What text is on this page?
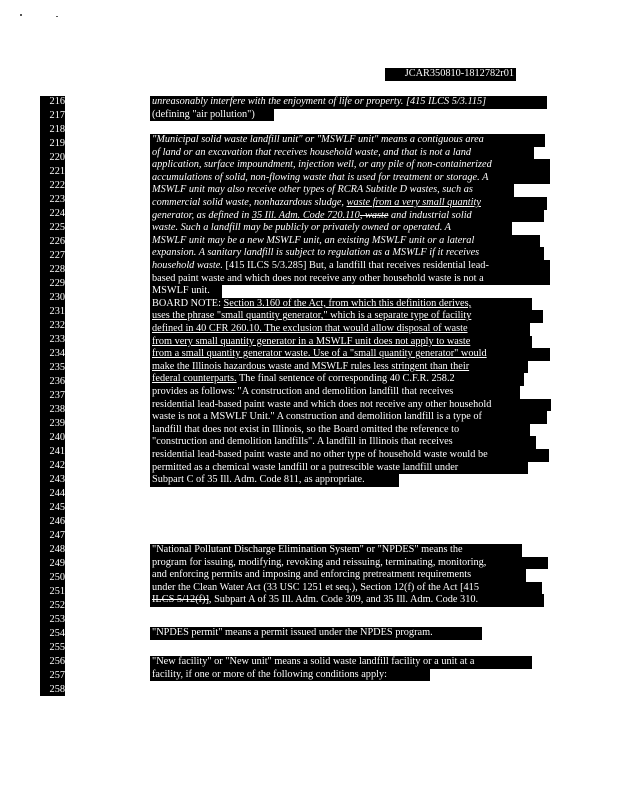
JCAR350810-1812782r01
216
217
218
219
220
221
222
223
224
225
226
227
228
229
230
231
232
233
234
235
236
237
238
239
240
241
242
243
244
245
246
247
248
249
250
251
252
253
254
255
256
257
258
unreasonably interfere with the enjoyment of life or property. [415 ILCS 5/3.115]
(defining "air pollution")
"Municipal solid waste landfill unit" or "MSWLF unit" means a contiguous area
of land or an excavation that receives household waste, and that is not a land
application, surface impoundment, injection well, or any pile of non-containerized
accumulations of solid, non-flowing waste that is used for treatment or storage. A
MSWLF unit may also receive other types of RCRA Subtitle D wastes, such as
commercial solid waste, nonhazardous sludge, waste from a very small quantity
generator, as defined in 35 Ill. Adm. Code 720.110, waste and industrial solid
waste. Such a landfill may be publicly or privately owned or operated. A
MSWLF unit may be a new MSWLF unit, an existing MSWLF unit or a lateral
expansion. A sanitary landfill is subject to regulation as a MSWLF if it receives
household waste. [415 ILCS 5/3.285] But, a landfill that receives residential lead-
based paint waste and which does not receive any other household waste is not a
MSWLF unit.
BOARD NOTE: Section 3.160 of the Act, from which this definition derives,
uses the phrase "small quantity generator," which is a separate type of facility
defined in 40 CFR 260.10. The exclusion that would allow disposal of waste
from very small quantity generator in a MSWLF unit does not apply to waste
from a small quantity generator waste. Use of a "small quantity generator" would
make the Illinois hazardous waste and MSWLF rules less stringent than their
federal counterparts. The final sentence of corresponding 40 C.F.R. 258.2
provides as follows: "A construction and demolition landfill that receives
residential lead-based paint waste and which does not receive any other household
waste is not a MSWLF Unit." A construction and demolition landfill is a type of
landfill that does not exist in Illinois, so the Board omitted the reference to
"construction and demolition landfills". A landfill in Illinois that receives
residential lead-based paint waste and no other type of household waste would be
permitted as a chemical waste landfill or a putrescible waste landfill under
Subpart C of 35 Ill. Adm. Code 811, as appropriate.
"National Pollutant Discharge Elimination System" or "NPDES" means the
program for issuing, modifying, revoking and reissuing, terminating, monitoring,
and enforcing permits and imposing and enforcing pretreatment requirements
under the Clean Water Act (33 USC 1251 et seq.), Section 12(f) of the Act [415
ILCS 5/12(f)], Subpart A of 35 Ill. Adm. Code 309, and 35 Ill. Adm. Code 310.
"NPDES permit" means a permit issued under the NPDES program.
"New facility" or "New unit" means a solid waste landfill facility or a unit at a
facility, if one or more of the following conditions apply:
